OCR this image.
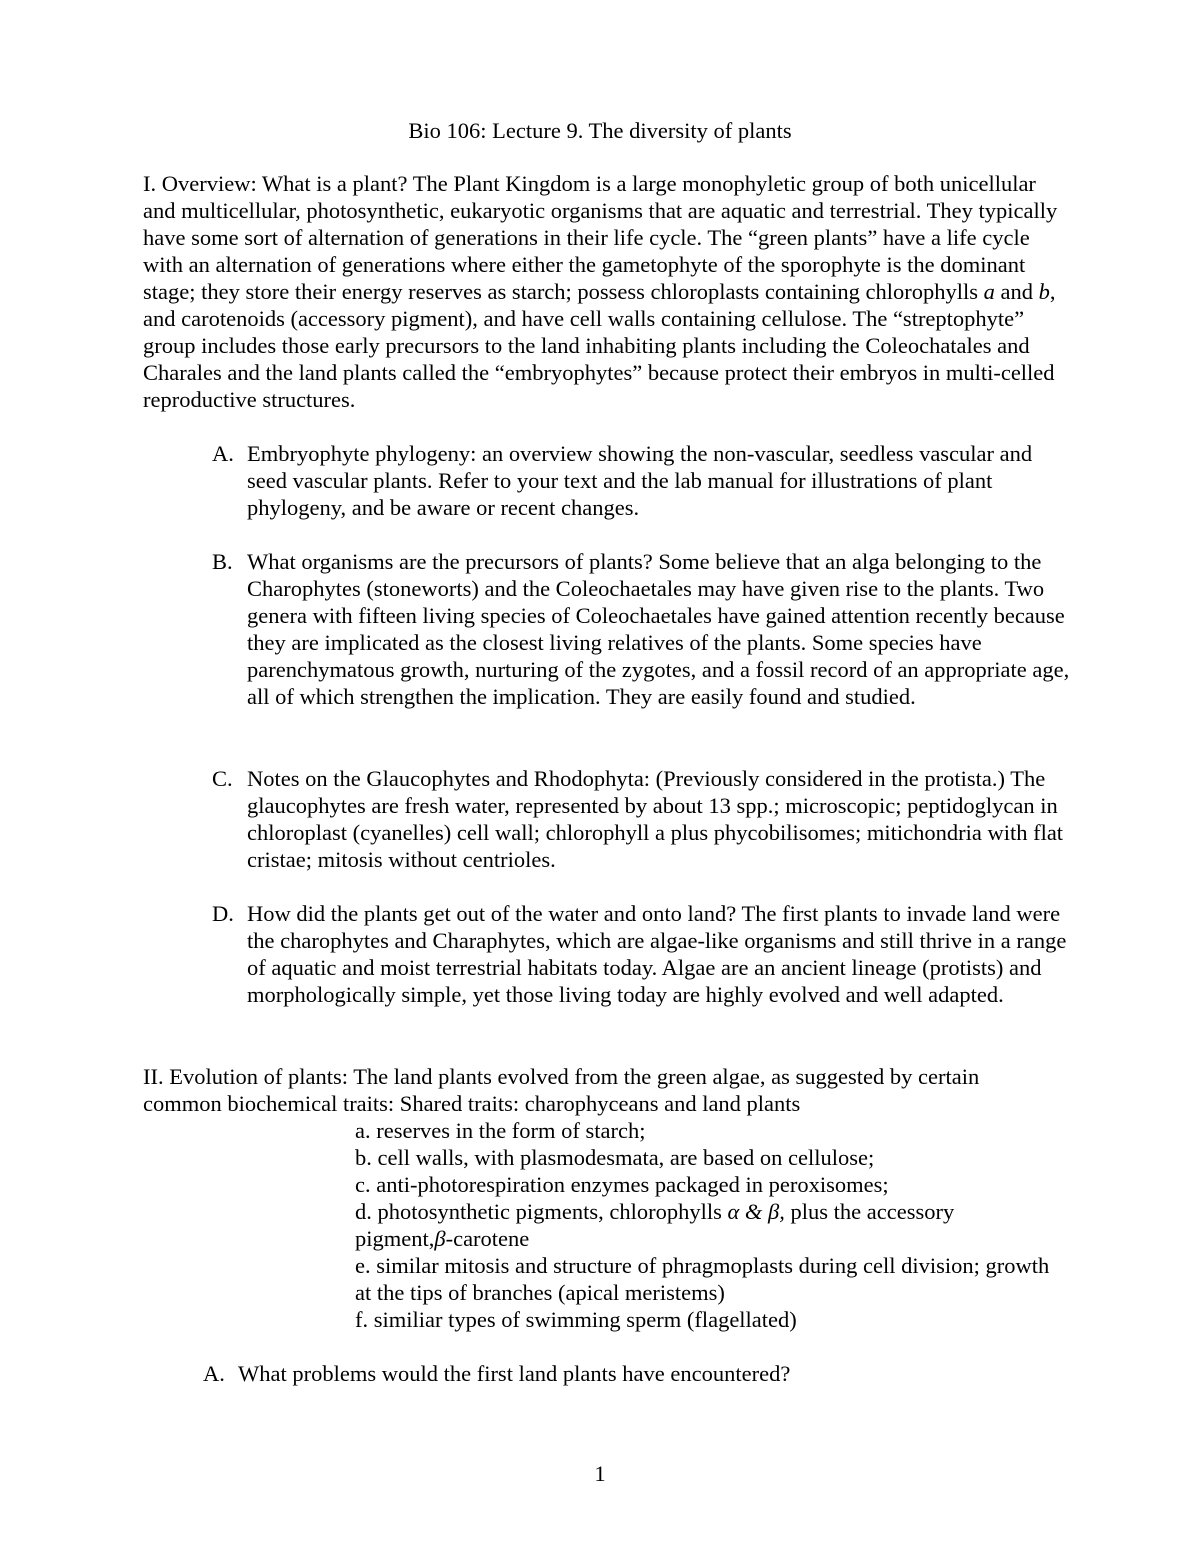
Bio 106: Lecture 9. The diversity of plants
I. Overview: What is a plant? The Plant Kingdom is a large monophyletic group of both unicellular and multicellular, photosynthetic, eukaryotic organisms that are aquatic and terrestrial. They typically have some sort of alternation of generations in their life cycle. The “green plants” have a life cycle with an alternation of generations where either the gametophyte of the sporophyte is the dominant stage; they store their energy reserves as starch; possess chloroplasts containing chlorophylls a and b, and carotenoids (accessory pigment), and have cell walls containing cellulose. The “streptophyte” group includes those early precursors to the land inhabiting plants including the Coleochatales and Charales and the land plants called the “embryophytes” because protect their embryos in multi-celled reproductive structures.
A. Embryophyte phylogeny: an overview showing the non-vascular, seedless vascular and seed vascular plants. Refer to your text and the lab manual for illustrations of plant phylogeny, and be aware or recent changes.
B. What organisms are the precursors of plants? Some believe that an alga belonging to the Charophytes (stoneworts) and the Coleochaetales may have given rise to the plants. Two genera with fifteen living species of Coleochaetales have gained attention recently because they are implicated as the closest living relatives of the plants. Some species have parenchymatous growth, nurturing of the zygotes, and a fossil record of an appropriate age, all of which strengthen the implication. They are easily found and studied.
C. Notes on the Glaucophytes and Rhodophyta: (Previously considered in the protista.) The glaucophytes are fresh water, represented by about 13 spp.; microscopic; peptidoglycan in chloroplast (cyanelles) cell wall; chlorophyll a plus phycobilisomes; mitichondria with flat cristae; mitosis without centrioles.
D. How did the plants get out of the water and onto land? The first plants to invade land were the charophytes and Charaphytes, which are algae-like organisms and still thrive in a range of aquatic and moist terrestrial habitats today. Algae are an ancient lineage (protists) and morphologically simple, yet those living today are highly evolved and well adapted.
II. Evolution of plants: The land plants evolved from the green algae, as suggested by certain common biochemical traits: Shared traits: charophyceans and land plants
a. reserves in the form of starch;
b. cell walls, with plasmodesmata, are based on cellulose;
c. anti-photorespiration enzymes packaged in peroxisomes;
d. photosynthetic pigments, chlorophylls α & β, plus the accessory pigment,β-carotene
e. similar mitosis and structure of phragmoplasts during cell division; growth at the tips of branches (apical meristems)
f. similiar types of swimming sperm (flagellated)
A. What problems would the first land plants have encountered?
1
